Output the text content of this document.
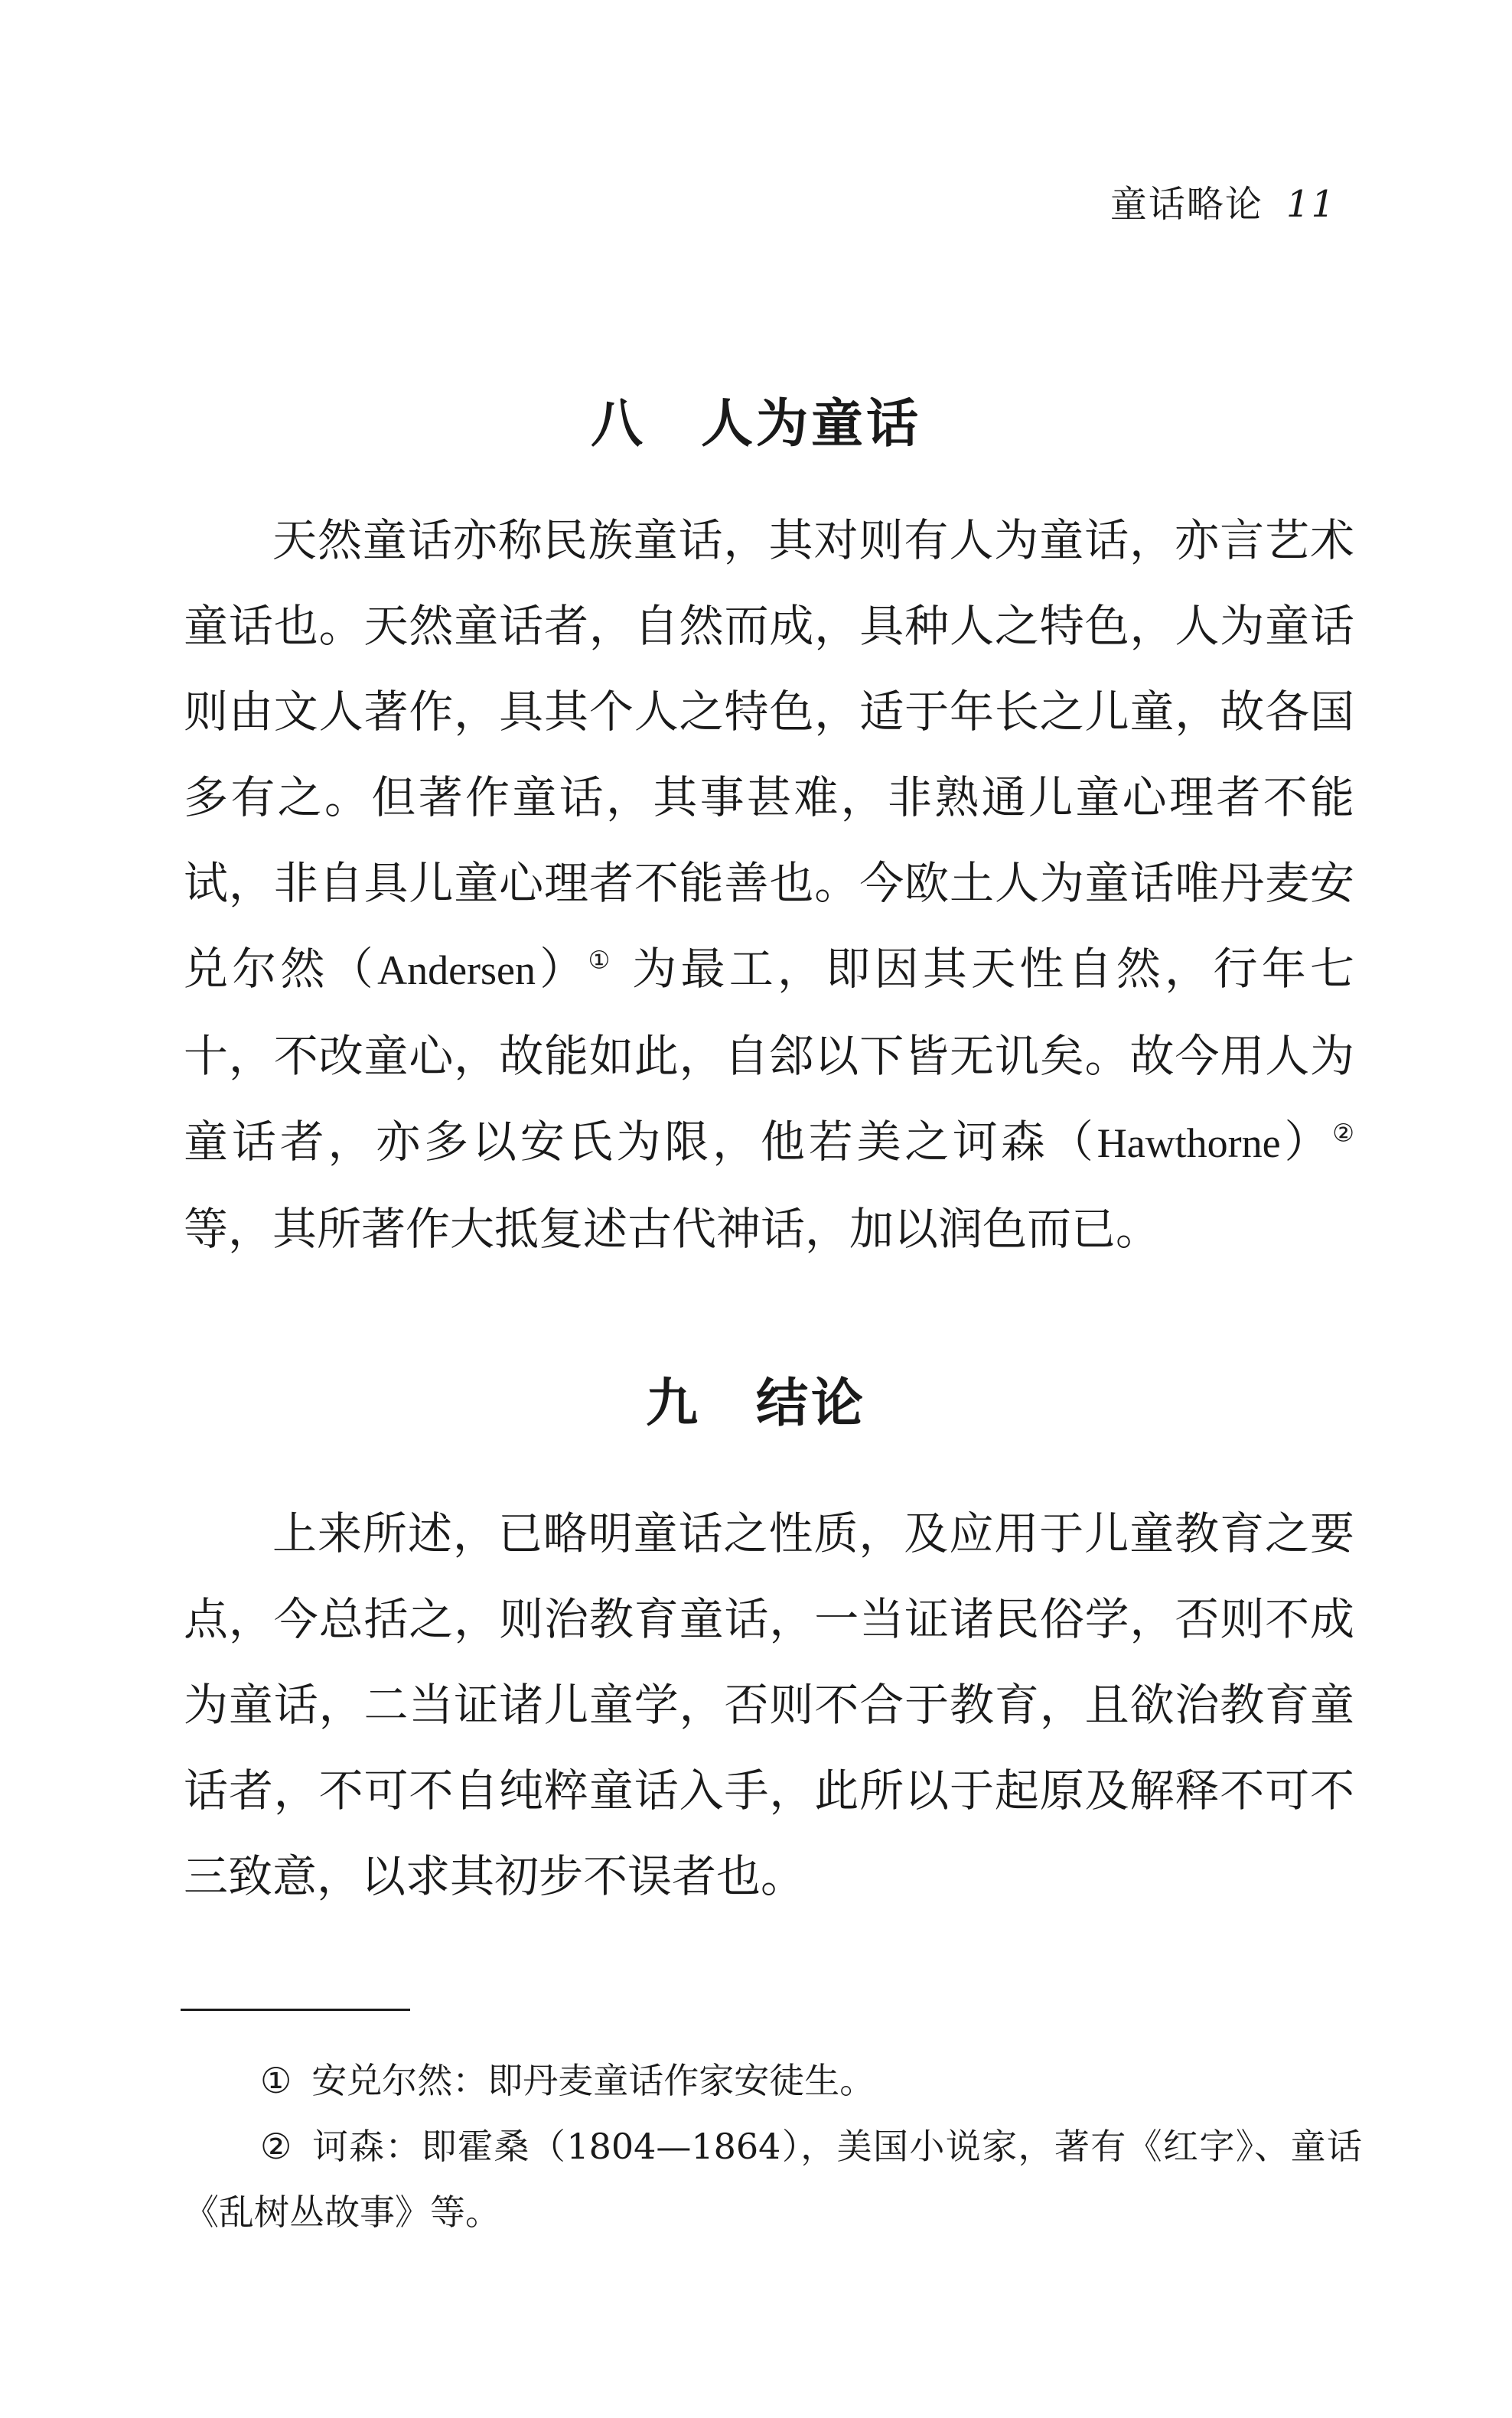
童话略论 11
八　人为童话

天然童话亦称民族童话，其对则有人为童话，亦言艺术童话也。天然童话者，自然而成，具种人之特色，人为童话则由文人著作，具其个人之特色，适于年长之儿童，故各国多有之。但著作童话，其事甚难，非熟通儿童心理者不能试，非自具儿童心理者不能善也。今欧土人为童话唯丹麦安兑尔然（Andersen）① 为最工，即因其天性自然，行年七十，不改童心，故能如此，自郐以下皆无讥矣。故今用人为童话者，亦多以安氏为限，他若美之诃森（Hawthorne）② 等，其所著作大抵复述古代神话，加以润色而已。

九　结论

上来所述，已略明童话之性质，及应用于儿童教育之要点，今总括之，则治教育童话，一当证诸民俗学，否则不成为童话，二当证诸儿童学，否则不合于教育，且欲治教育童话者，不可不自纯粹童话入手，此所以于起原及解释不可不三致意，以求其初步不误者也。

① 安兑尔然：即丹麦童话作家安徒生。

② 诃森：即霍桑（1804—1864），美国小说家，著有《红字》、童话《乱树丛故事》等。
